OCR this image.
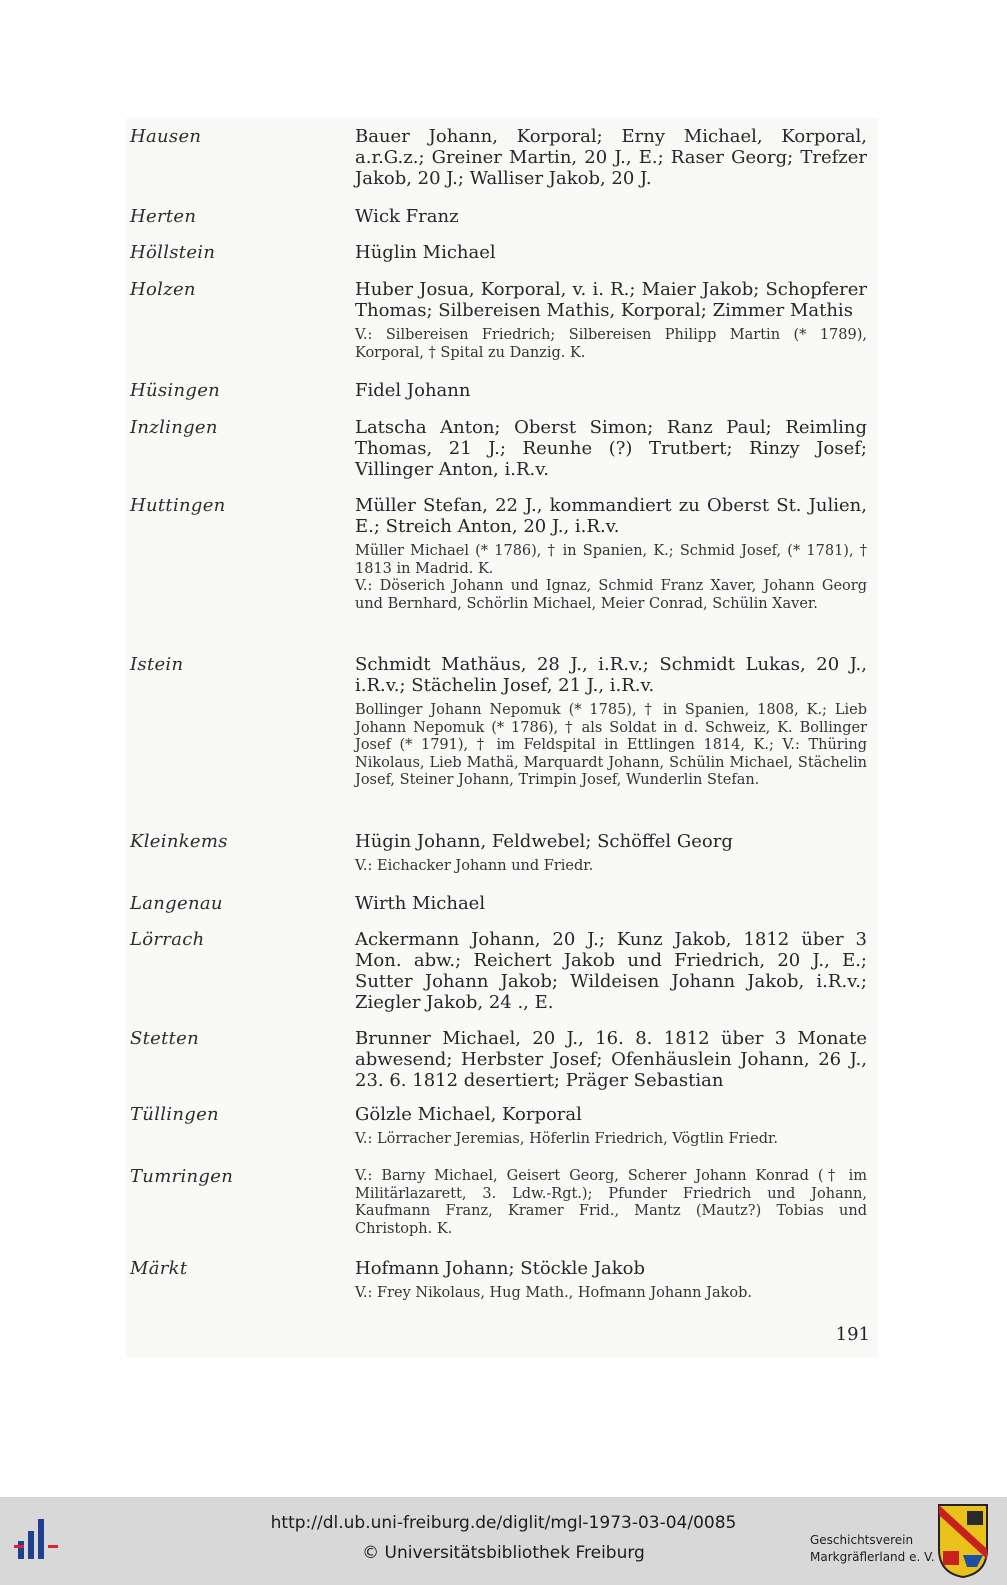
Hausen	Bauer Johann, Korporal; Erny Michael, Korporal, a.r.G.z.; Greiner Martin, 20 J., E.; Raser Georg; Trefzer Jakob, 20 J.; Walliser Jakob, 20 J.

Herten	Wick Franz

Höllstein	Hüglin Michael

Holzen	Huber Josua, Korporal, v. i. R.; Maier Jakob; Schopferer Thomas; Silbereisen Mathis, Korporal; Zimmer Mathis

V.: Silbereisen Friedrich; Silbereisen Philipp Martin (* 1789), Korporal, † Spital zu Danzig. K.

Hüsingen	Fidel Johann

Inzlingen	Latscha Anton; Oberst Simon; Ranz Paul; Reimling Thomas, 21 J.; Reunhe (?) Trutbert; Rinzy Josef; Villinger Anton, i.R.v.

Huttingen	Müller Stefan, 22 J., kommandiert zu Oberst St. Julien, E.; Streich Anton, 20 J., i.R.v.

Müller Michael (* 1786), † in Spanien, K.; Schmid Josef, (* 1781), † 1813 in Madrid. K.

V.: Döserich Johann und Ignaz, Schmid Franz Xaver, Johann Georg und Bernhard, Schörlin Michael, Meier Conrad, Schülin Xaver.

Istein	Schmidt Mathäus, 28 J., i.R.v.; Schmidt Lukas, 20 J., i.R.v.; Stächelin Josef, 21 J., i.R.v.

Bollinger Johann Nepomuk (* 1785), † in Spanien, 1808, K.; Lieb Johann Nepomuk (* 1786), † als Soldat in d. Schweiz, K. Bollinger Josef (* 1791), † im Feldspital in Ettlingen 1814, K.; V.: Thüring Nikolaus, Lieb Mathä, Marquardt Johann, Schülin Michael, Stächelin Josef, Steiner Johann, Trimpin Josef, Wunderlin Stefan.

Kleinkems	Hügin Johann, Feldwebel; Schöffel Georg

V.: Eichacker Johann und Friedr.

Langenau	Wirth Michael

Lörrach	Ackermann Johann, 20 J.; Kunz Jakob, 1812 über 3 Mon. abw.; Reichert Jakob und Friedrich, 20 J., E.; Sutter Johann Jakob; Wildeisen Johann Jakob, i.R.v.; Ziegler Jakob, 24 ., E.

Stetten	Brunner Michael, 20 J., 16. 8. 1812 über 3 Monate abwesend; Herbster Josef; Ofenhäuslein Johann, 26 J., 23. 6. 1812 desertiert; Präger Sebastian

Tüllingen	Gölzle Michael, Korporal

V.: Lörracher Jeremias, Höferlin Friedrich, Vögtlin Friedr.

Tumringen	V.: Barny Michael, Geisert Georg, Scherer Johann Konrad († im Militärlazarett, 3. Ldw.-Rgt.); Pfunder Friedrich und Johann, Kaufmann Franz, Kramer Frid., Mantz (Mautz?) Tobias und Christoph. K.

Märkt	Hofmann Johann; Stöckle Jakob

V.: Frey Nikolaus, Hug Math., Hofmann Johann Jakob.

191
http://dl.ub.uni-freiburg.de/diglit/mgl-1973-03-04/0085
© Universitätsbibliothek Freiburg
Geschichtsverein
Markgräflerland e. V.
